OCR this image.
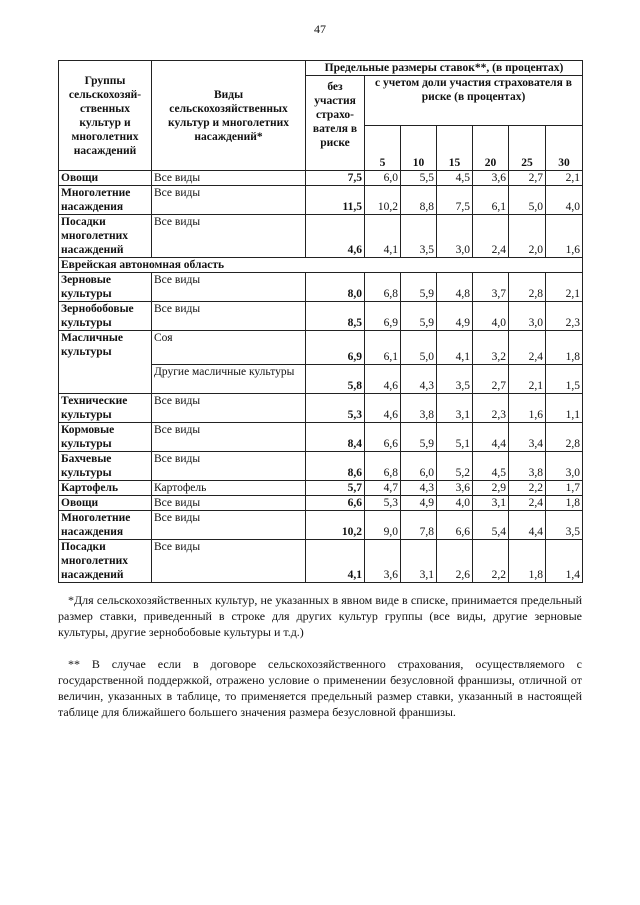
47
Группы сельскохозяй-ственных культур и многолетних насаждений	Виды сельскохозяйственных культур и многолетних насаждений*	Предельные размеры ставок**, (в процентах)						
		без участия страхо-вателя в риске	с учетом доли участия страхователя в риске (в процентах)					
			5	10	15	20	25	30

Овощи	Все виды	7,5	6,0	5,5	4,5	3,6	2,7	2,1
Многолетние насаждения	Все виды	11,5	10,2	8,8	7,5	6,1	5,0	4,0
Посадки многолетних насаждений	Все виды	4,6	4,1	3,5	3,0	2,4	2,0	1,6
Еврейская автономная область								
Зерновые культуры	Все виды	8,0	6,8	5,9	4,8	3,7	2,8	2,1
Зернобобовые культуры	Все виды	8,5	6,9	5,9	4,9	4,0	3,0	2,3
Масличные культуры	Соя	6,9	6,1	5,0	4,1	3,2	2,4	1,8
	Другие масличные культуры	5,8	4,6	4,3	3,5	2,7	2,1	1,5
Технические культуры	Все виды	5,3	4,6	3,8	3,1	2,3	1,6	1,1
Кормовые культуры	Все виды	8,4	6,6	5,9	5,1	4,4	3,4	2,8
Бахчевые культуры	Все виды	8,6	6,8	6,0	5,2	4,5	3,8	3,0
Картофель	Картофель	5,7	4,7	4,3	3,6	2,9	2,2	1,7
Овощи	Все виды	6,6	5,3	4,9	4,0	3,1	2,4	1,8
Многолетние насаждения	Все виды	10,2	9,0	7,8	6,6	5,4	4,4	3,5
Посадки многолетних насаждений	Все виды	4,1	3,6	3,1	2,6	2,2	1,8	1,4
*Для сельскохозяйственных культур, не указанных в явном виде в списке, принимается предельный размер ставки, приведенный в строке для других культур группы (все виды, другие зерновые культуры, другие зернобобовые культуры и т.д.)
** В случае если в договоре сельскохозяйственного страхования, осуществляемого с государственной поддержкой, отражено условие о применении безусловной франшизы, отличной от величин, указанных в таблице, то применяется предельный размер ставки, указанный в настоящей таблице для ближайшего большего значения размера безусловной франшизы.
